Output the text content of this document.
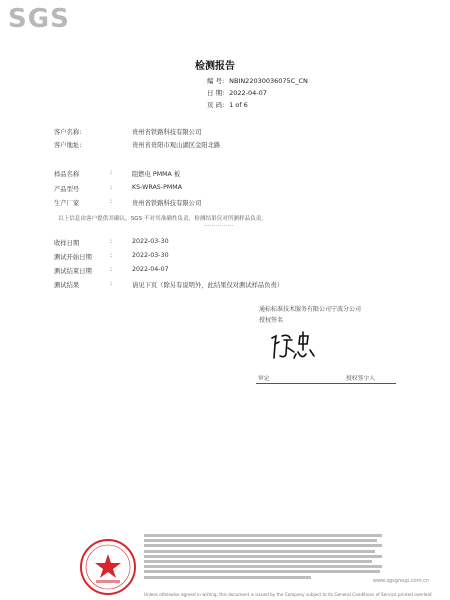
SGS
检测报告
编 号: NBIN22030036075C_CN
日 期: 2022-04-07
页 码: 1 of 6
客户名称:	贵州省铁路科技有限公司
客户地址:	贵州省贵阳市观山湖区金阳北路
样品名称	:	阻燃电 PMMA 板
产品型号	:	KS-WRAS-PMMA
生产厂家	:	贵州省铁路科技有限公司
以上信息由客户提供并确认，SGS 不对其准确性负责，检测结果仅对所测样品负责。
……………
收样日期	:	2022-03-30
测试开始日期	:	2022-03-30
测试结束日期	:	2022-04-07
测试结果	:	请见下页（除另有说明外，此结果仅对测试样品负责）
通标标准技术服务有限公司宁波分公司
授权签名
审定	授权签字人
Unless otherwise agreed in writing, this document is issued by the Company subject to its General Conditions of Service printed overleaf.
www.sgsgroup.com.cn
